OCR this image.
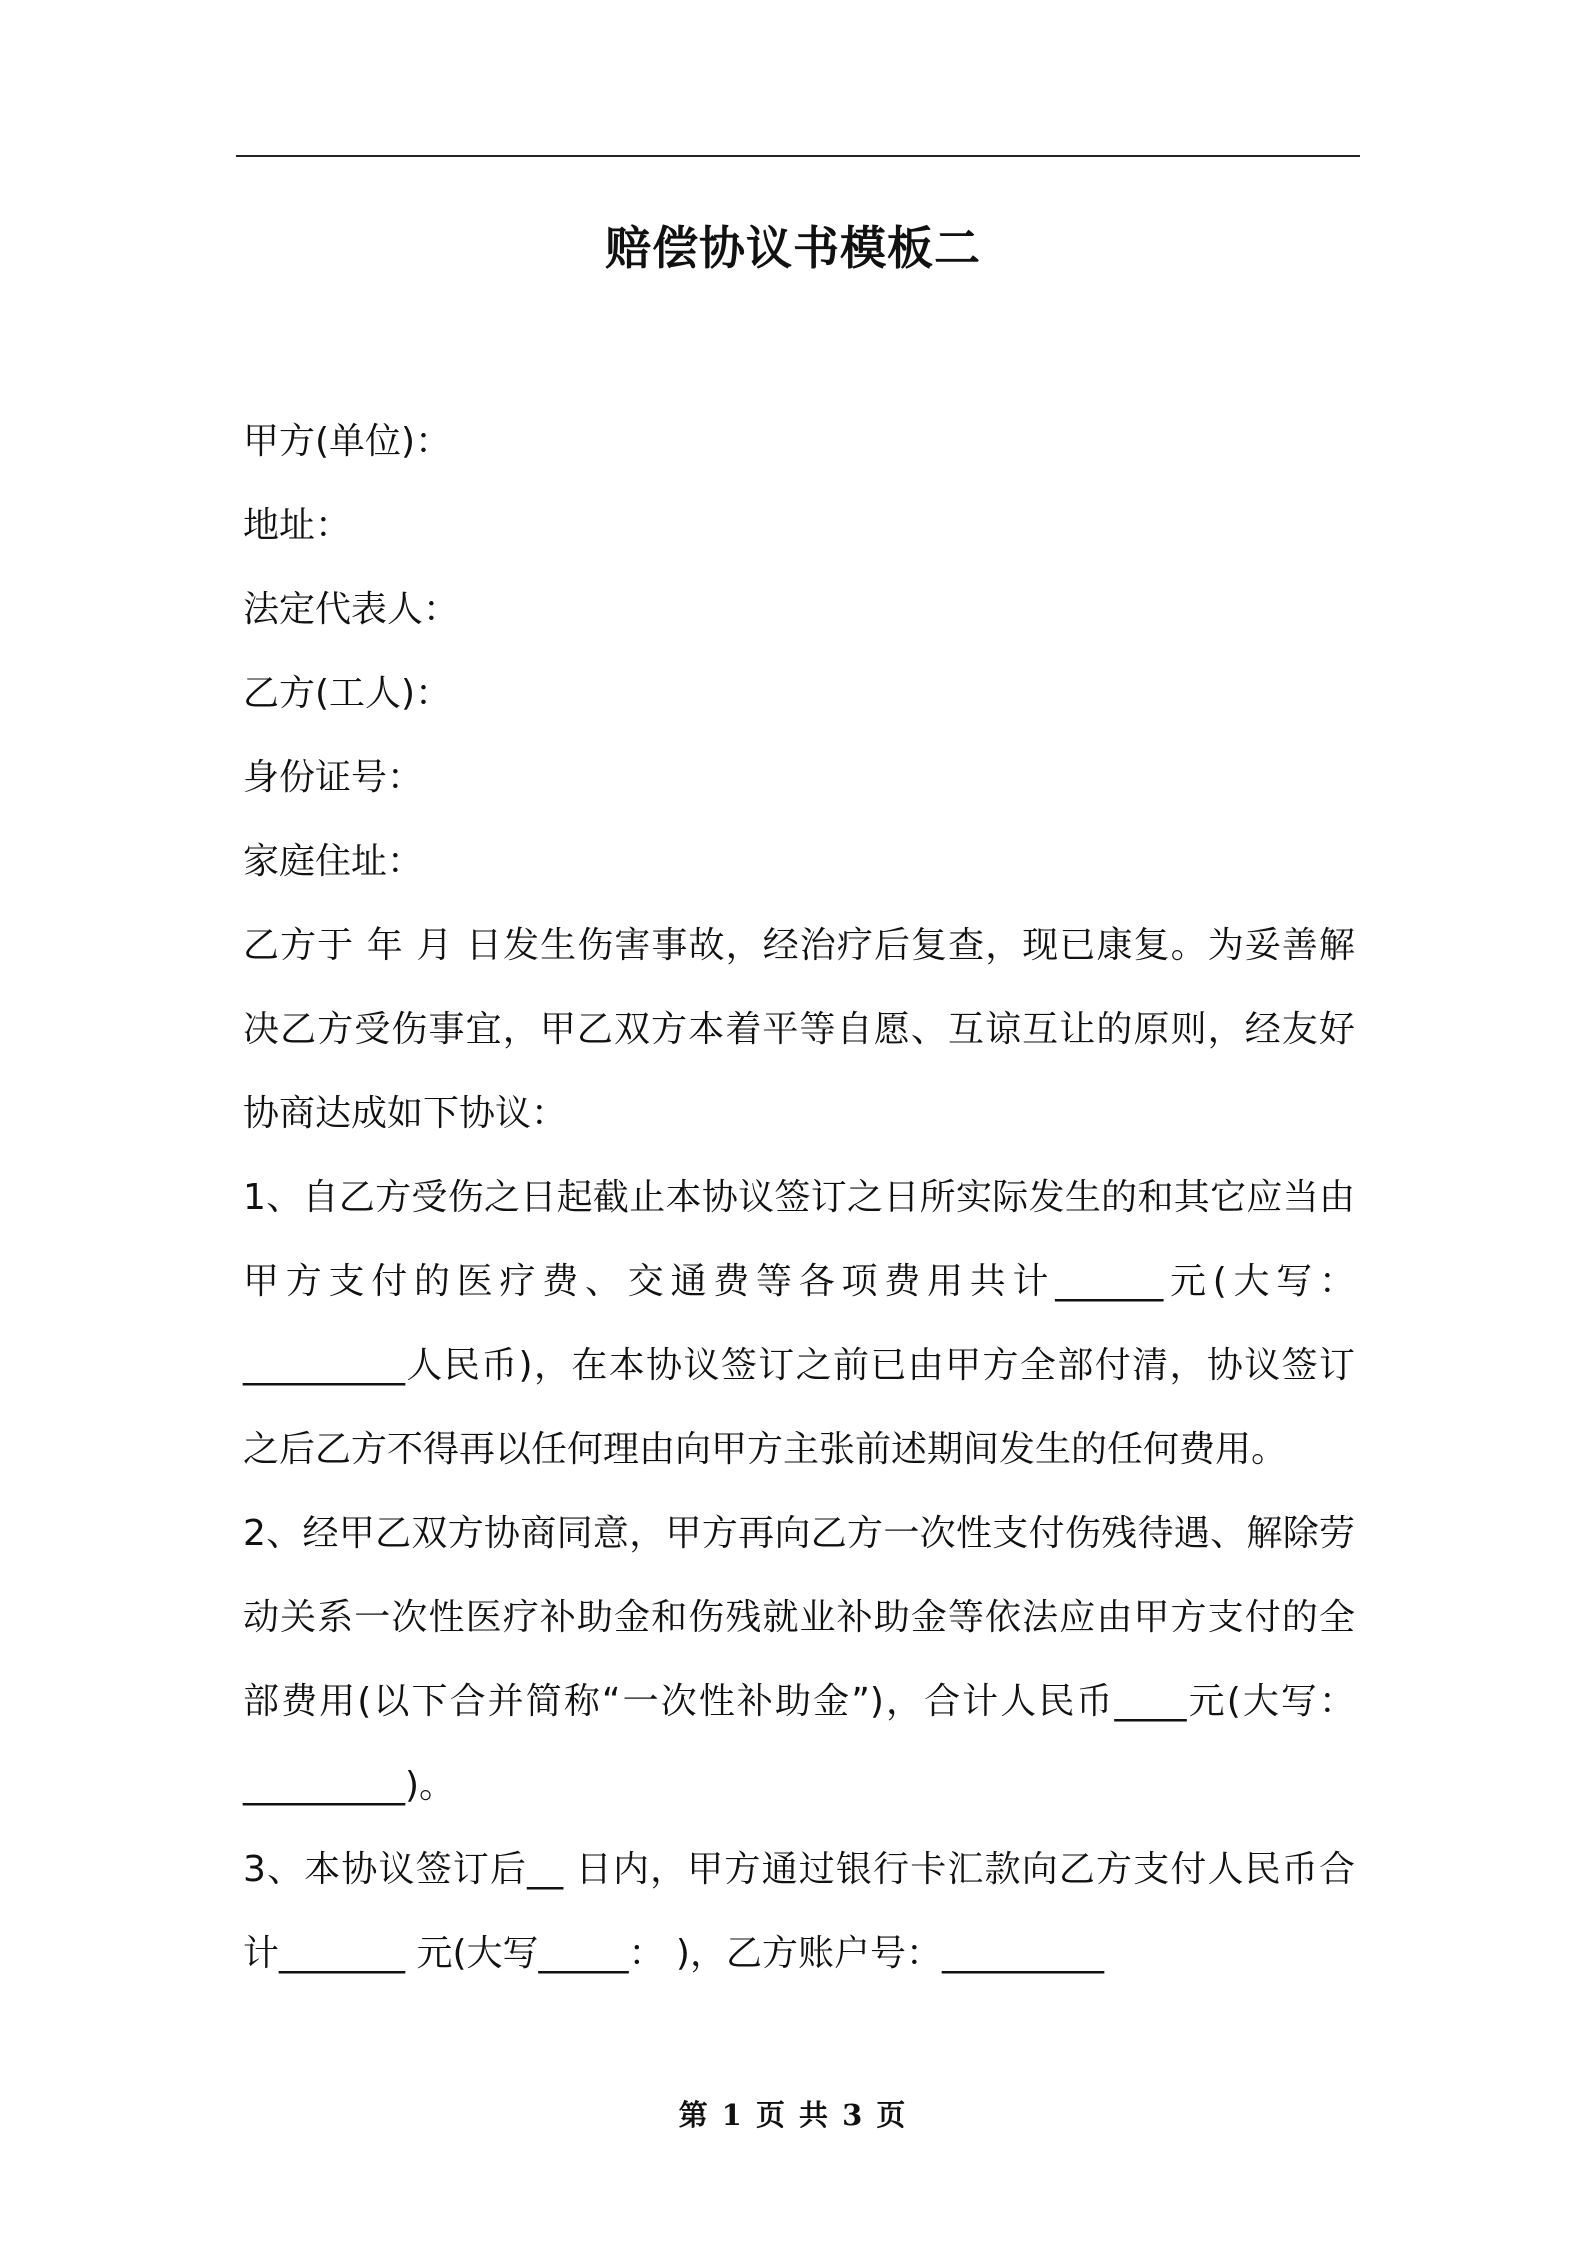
赔偿协议书模板二
甲方(单位)：
地址：
法定代表人：
乙方(工人)：
身份证号：
家庭住址：

乙方于 年 月 日发生伤害事故，经治疗后复查，现已康复。为妥善解决乙方受伤事宜，甲乙双方本着平等自愿、互谅互让的原则，经友好协商达成如下协议：

1、自乙方受伤之日起截止本协议签订之日所实际发生的和其它应当由甲方支付的医疗费、交通费等各项费用共计______元(大写：_________人民币)，在本协议签订之前已由甲方全部付清，协议签订之后乙方不得再以任何理由向甲方主张前述期间发生的任何费用。

2、经甲乙双方协商同意，甲方再向乙方一次性支付伤残待遇、解除劳动关系一次性医疗补助金和伤残就业补助金等依法应由甲方支付的全部费用(以下合并简称“一次性补助金”)，合计人民币____元(大写：_________)。

3、本协议签订后__ 日内，甲方通过银行卡汇款向乙方支付人民币合计_______ 元(大写_____： )，乙方账户号：_________

第 1 页 共 3 页
